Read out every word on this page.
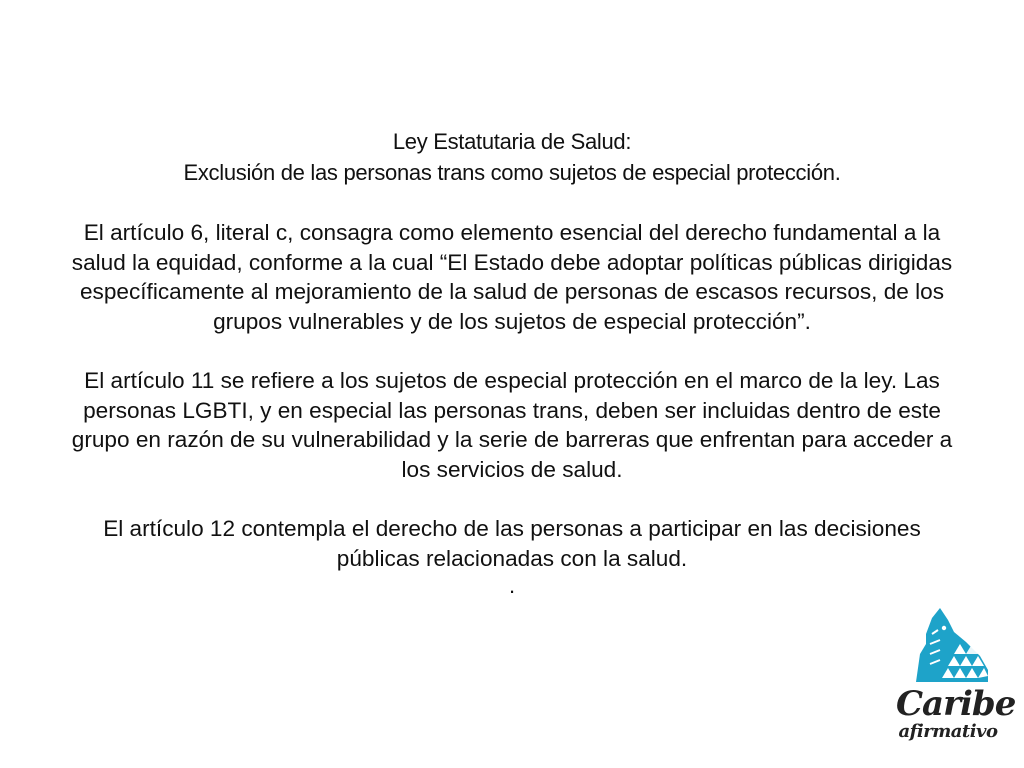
Ley Estatutaria de Salud:
Exclusión de las personas trans como sujetos de especial protección.

El artículo 6, literal c, consagra como elemento esencial del derecho fundamental a la salud la equidad, conforme a la cual “El Estado debe adoptar políticas públicas dirigidas específicamente al mejoramiento de la salud de personas de escasos recursos, de los grupos vulnerables y de los sujetos de especial protección”.

El artículo 11 se refiere a los sujetos de especial protección en el marco de la ley. Las personas LGBTI, y en especial las personas trans, deben ser incluidas dentro de este grupo en razón de su vulnerabilidad y la serie de barreras que enfrentan para acceder a los servicios de salud.

El artículo 12 contempla el derecho de las personas a participar en las decisiones públicas relacionadas con la salud.

.
Caribe
afirmativo
